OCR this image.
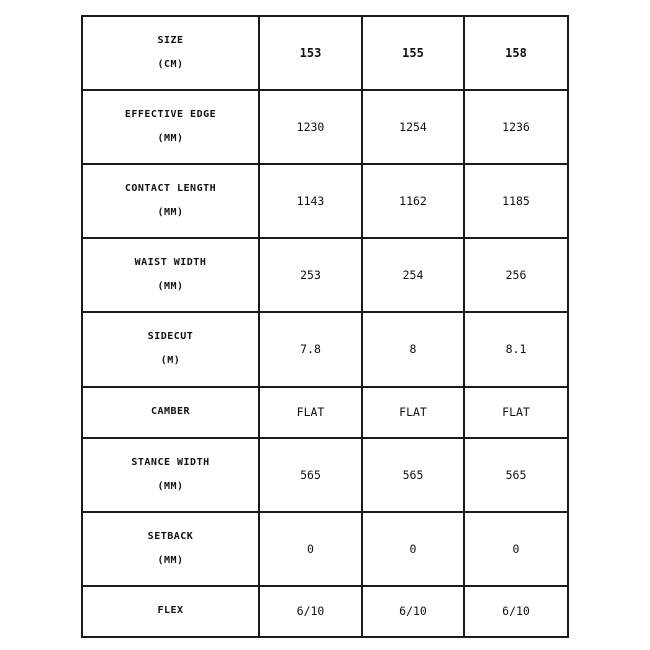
SIZE
(CM)	153	155	158

EFFECTIVE EDGE
(MM)	1230	1254	1236

CONTACT LENGTH
(MM)	1143	1162	1185

WAIST WIDTH
(MM)	253	254	256

SIDECUT
(M)	7.8	8	8.1

CAMBER	FLAT	FLAT	FLAT

STANCE WIDTH
(MM)	565	565	565

SETBACK
(MM)	0	0	0

FLEX	6/10	6/10	6/10
